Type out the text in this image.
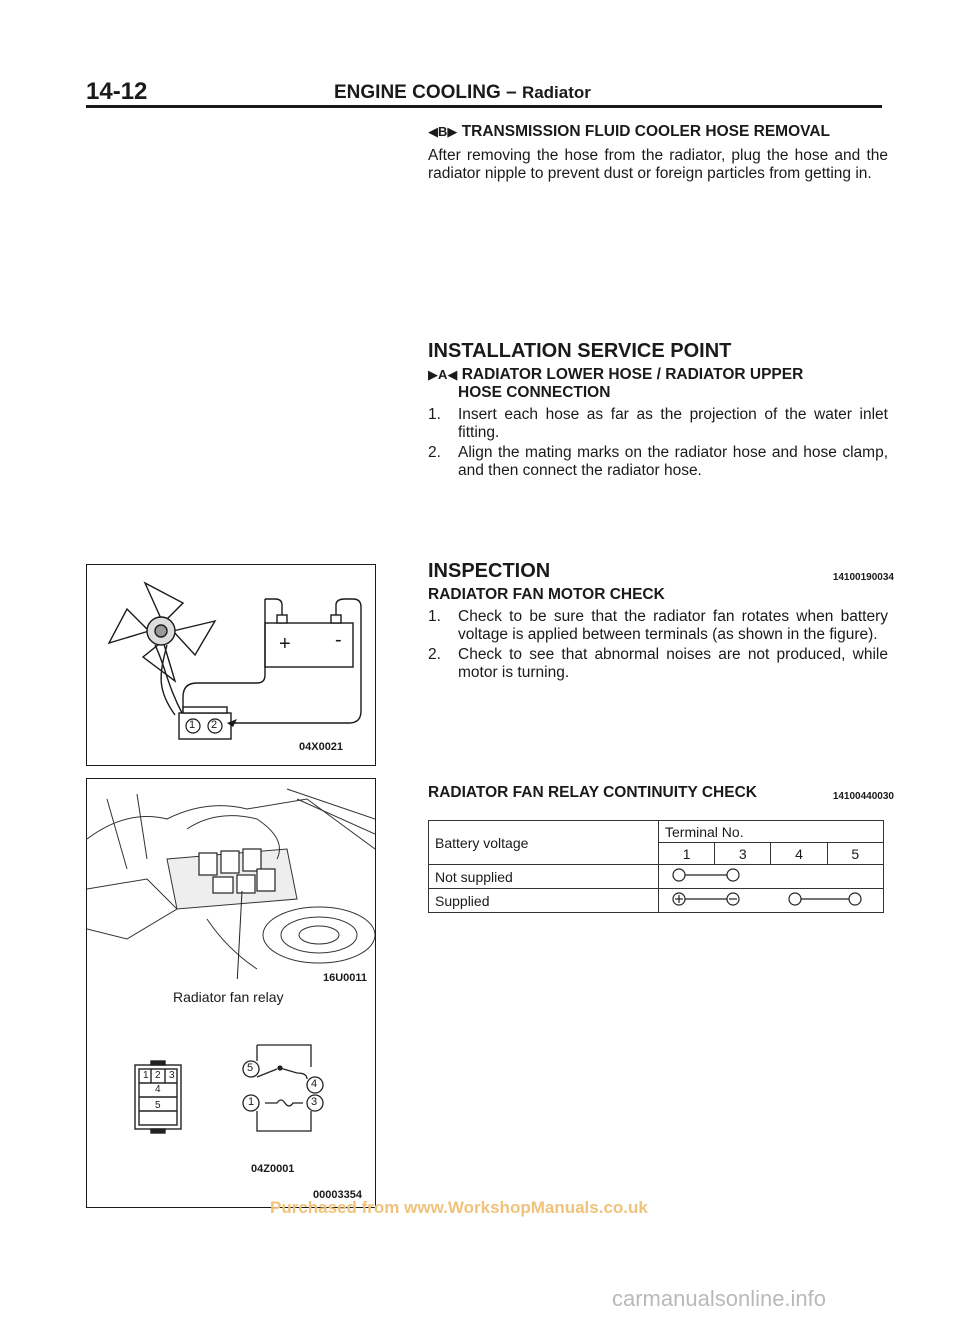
14-12	ENGINE COOLING – Radiator
◀B▶ TRANSMISSION FLUID COOLER HOSE REMOVAL
After removing the hose from the radiator, plug the hose and the radiator nipple to prevent dust or foreign particles from getting in.
INSTALLATION SERVICE POINT
▶A◀ RADIATOR LOWER HOSE / RADIATOR UPPER
HOSE CONNECTION
1. Insert each hose as far as the projection of the water inlet fitting.
2. Align the mating marks on the radiator hose and hose clamp, and then connect the radiator hose.
INSPECTION	14100190034
RADIATOR FAN MOTOR CHECK
1. Check to be sure that the radiator fan rotates when battery voltage is applied between terminals (as shown in the figure).
2. Check to see that abnormal noises are not produced, while motor is turning.
RADIATOR FAN RELAY CONTINUITY CHECK	14100440030
Battery voltage	Terminal No.			
	1	3	4	5
Not supplied	
Supplied	
+ -
1 2
04X0021
16U0011
Radiator fan relay
1 2 3
4
5
5
4
1	3
04Z0001
00003354
Purchased from www.WorkshopManuals.co.uk
carmanualsonline.info
